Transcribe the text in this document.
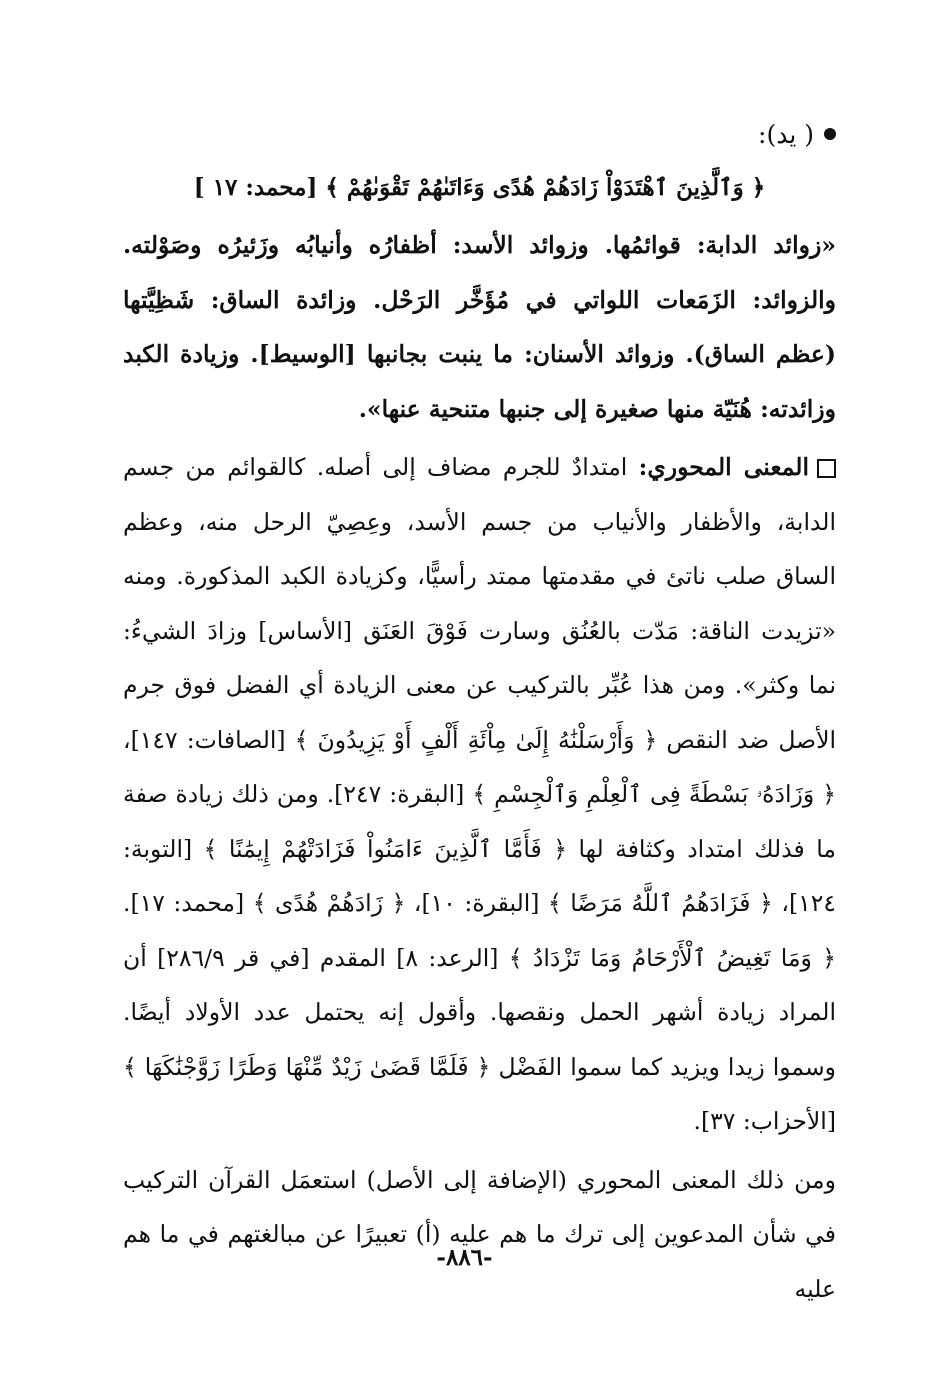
( يد):
﴿ وَٱلَّذِينَ ٱهْتَدَوْاْ زَادَهُمْ هُدًى وَءَاتَىٰهُمْ تَقْوَىٰهُمْ ﴾ [محمد: ١٧ ]

«زوائد الدابة: قوائمُها. وزوائد الأسد: أظفارُه وأنيابُه وزَئيرُه وصَوْلته. والزوائد: الزَمَعات اللواتي في مُؤَخَّر الرَحْل. وزائدة الساق: شَظِيَّتها (عظم الساق). وزوائد الأسنان: ما ينبت بجانبها [الوسيط]. وزيادة الكبد وزائدته: هُنَيّة منها صغيرة إلى جنبها متنحية عنها».

المعنى المحوري: امتدادٌ للجرم مضاف إلى أصله. كالقوائم من جسم الدابة، والأظفار والأنياب من جسم الأسد، وعِصِيّ الرحل منه، وعظم الساق صلب ناتئ في مقدمتها ممتد رأسيًّا، وكزيادة الكبد المذكورة. ومنه «تزيدت الناقة: مَدّت بالعُنُق وسارت فَوْقَ العَنَق [الأساس] وزادَ الشيءُ: نما وكثر». ومن هذا عُبِّر بالتركيب عن معنى الزيادة أي الفضل فوق جرم الأصل ضد النقص ﴿ وَأَرْسَلْنَٰهُ إِلَىٰ مِاْئَةِ أَلْفٍ أَوْ يَزِيدُونَ ﴾ [الصافات: ١٤٧]، ﴿ وَزَادَهُۥ بَسْطَةً فِى ٱلْعِلْمِ وَٱلْجِسْمِ ﴾ [البقرة: ٢٤٧]. ومن ذلك زيادة صفة ما فذلك امتداد وكثافة لها ﴿ فَأَمَّا ٱلَّذِينَ ءَامَنُواْ فَزَادَتْهُمْ إِيمَٰنًا ﴾ [التوبة: ١٢٤]، ﴿ فَزَادَهُمُ ٱللَّهُ مَرَضًا ﴾ [البقرة: ١٠]، ﴿ زَادَهُمْ هُدًى ﴾ [محمد: ١٧]. ﴿ وَمَا تَغِيضُ ٱلْأَرْحَامُ وَمَا تَزْدَادُ ﴾ [الرعد: ٨] المقدم [في قر ٢٨٦/٩] أن المراد زيادة أشهر الحمل ونقصها. وأقول إنه يحتمل عدد الأولاد أيضًا. وسموا زيدا ويزيد كما سموا الفَضْل ﴿ فَلَمَّا قَضَىٰ زَيْدٌ مِّنْهَا وَطَرًا زَوَّجْنَٰكَهَا ﴾ [الأحزاب: ٣٧].

ومن ذلك المعنى المحوري (الإضافة إلى الأصل) استعمَل القرآن التركيب في شأن المدعوين إلى ترك ما هم عليه (أ) تعبيرًا عن مبالغتهم في ما هم عليه

-٨٨٦-
